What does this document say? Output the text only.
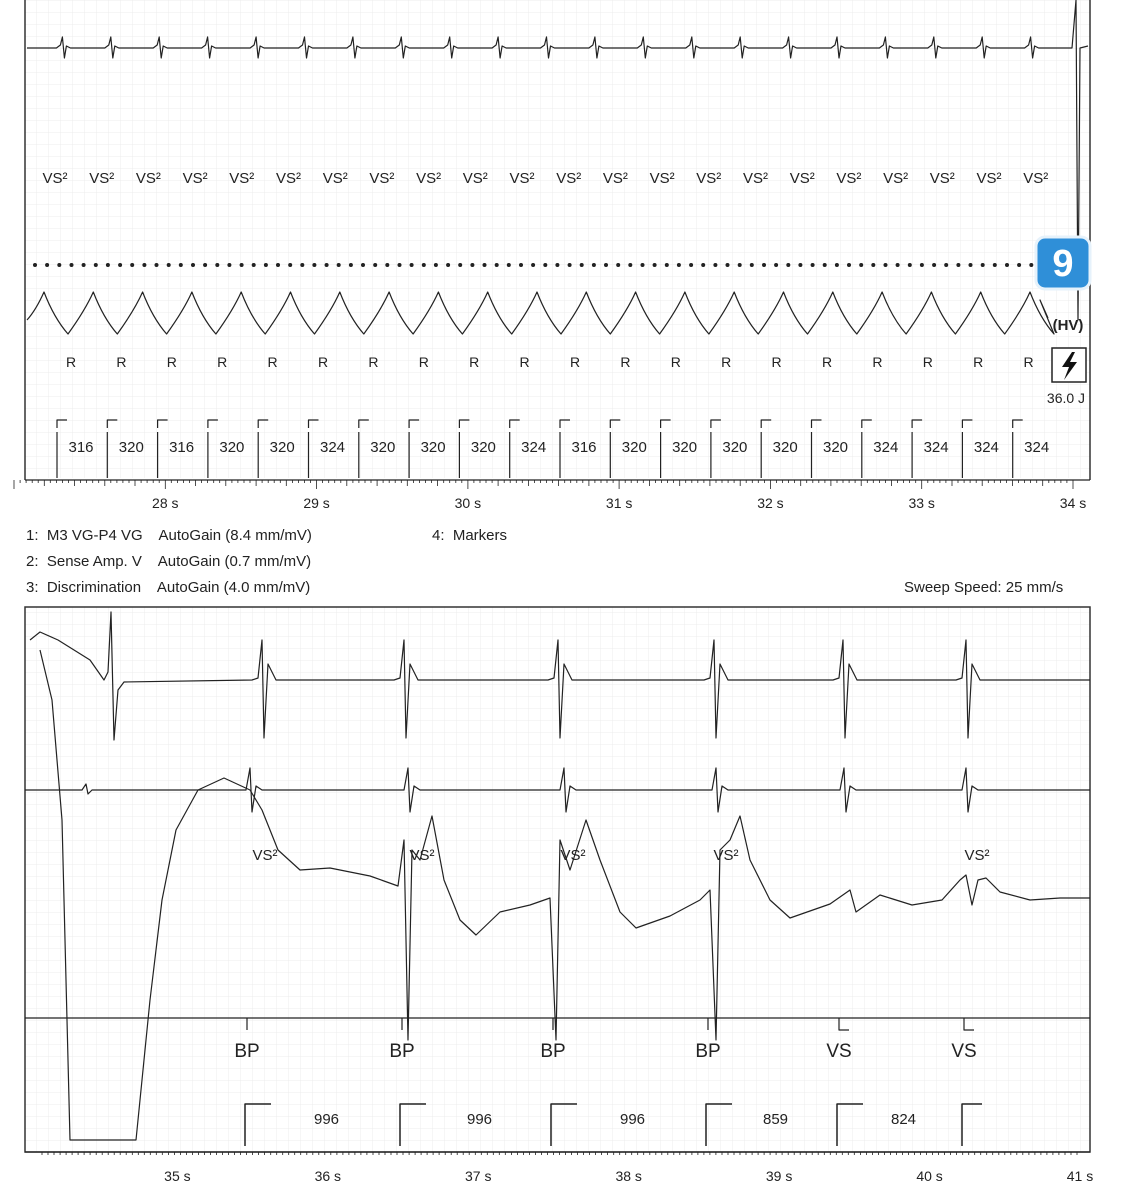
VS² VS² VS² VS² VS² VS² VS² VS² VS² VS² VS² VS² VS² VS² VS² VS² VS² VS² VS² VS² VS² VS²
R	R	R	R	R	R	R	R	R	R	R	R	R	R	R	R	R	R	R	R
316 320 316 320 320 324 320 320 320 324 316 320 320 320 320 320 324 324 324 324
28 s	29 s	30 s	31 s	32 s	33 s	34 s
VS²	VS²	VS²	VS²	VS²
BP	BP	BP	BP	VS	VS
996	996	996	859	824
35 s	36 s	37 s	38 s	39 s	40 s	41 s
9
(HV)
36.0 J
1:  M3 VG-P4 VG    AutoGain (8.4 mm/mV)
2:  Sense Amp. V    AutoGain (0.7 mm/mV)
3:  Discrimination    AutoGain (4.0 mm/mV)
4:  Markers
Sweep Speed: 25 mm/s
